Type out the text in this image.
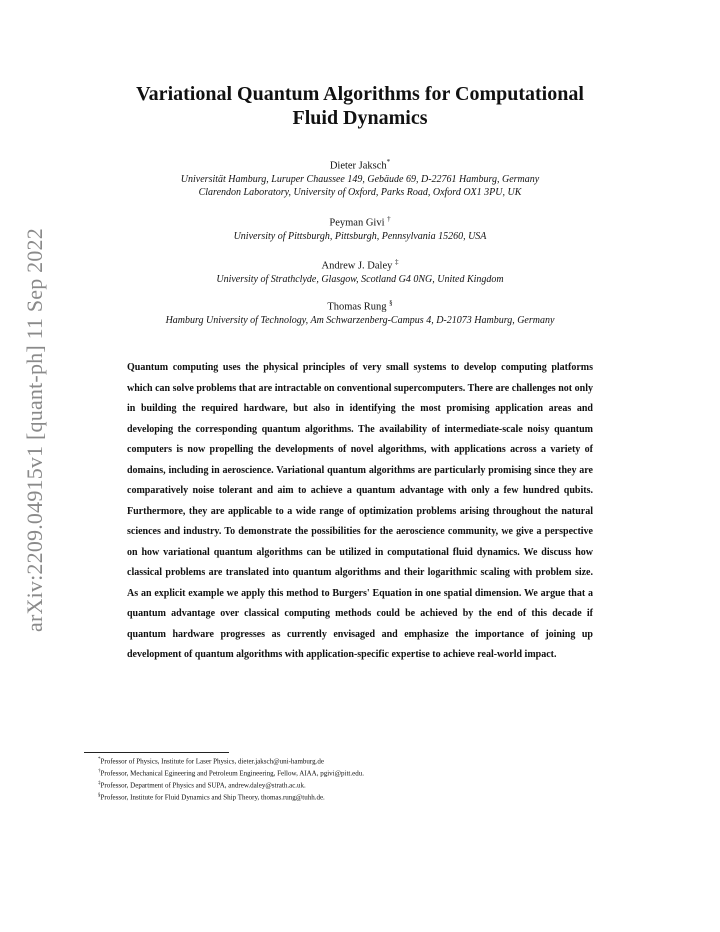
arXiv:2209.04915v1 [quant-ph] 11 Sep 2022
Variational Quantum Algorithms for Computational
Fluid Dynamics
Dieter Jaksch*
Universität Hamburg, Luruper Chaussee 149, Gebäude 69, D-22761 Hamburg, Germany
Clarendon Laboratory, University of Oxford, Parks Road, Oxford OX1 3PU, UK
Peyman Givi †
University of Pittsburgh, Pittsburgh, Pennsylvania 15260, USA
Andrew J. Daley ‡
University of Strathclyde, Glasgow, Scotland G4 0NG, United Kingdom
Thomas Rung §
Hamburg University of Technology, Am Schwarzenberg-Campus 4, D-21073 Hamburg, Germany

Quantum computing uses the physical principles of very small systems to develop computing platforms which can solve problems that are intractable on conventional supercomputers. There are challenges not only in building the required hardware, but also in identifying the most promising application areas and developing the corresponding quantum algorithms. The availability of intermediate-scale noisy quantum computers is now propelling the developments of novel algorithms, with applications across a variety of domains, including in aeroscience. Variational quantum algorithms are particularly promising since they are comparatively noise tolerant and aim to achieve a quantum advantage with only a few hundred qubits. Furthermore, they are applicable to a wide range of optimization problems arising throughout the natural sciences and industry. To demonstrate the possibilities for the aeroscience community, we give a perspective on how variational quantum algorithms can be utilized in computational fluid dynamics. We discuss how classical problems are translated into quantum algorithms and their logarithmic scaling with problem size. As an explicit example we apply this method to Burgers' Equation in one spatial dimension. We argue that a quantum advantage over classical computing methods could be achieved by the end of this decade if quantum hardware progresses as currently envisaged and emphasize the importance of joining up development of quantum algorithms with application-specific expertise to achieve real-world impact.

*Professor of Physics, Institute for Laser Physics, dieter.jaksch@uni-hamburg.de
†Professor, Mechanical Egineering and Petroleum Engineering, Fellow, AIAA, pgivi@pitt.edu.
‡Professor, Department of Physics and SUPA, andrew.daley@strath.ac.uk.
§Professor, Institute for Fluid Dynamics and Ship Theory, thomas.rung@tuhh.de.
